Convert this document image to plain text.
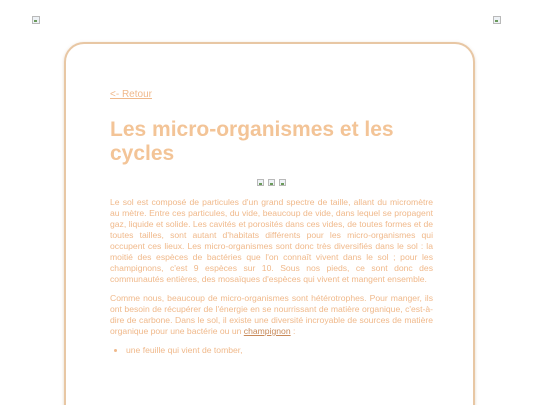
<- Retour
Les micro-organismes et les cycles

Le sol est composé de particules d'un grand spectre de taille, allant du micromètre au mètre. Entre ces particules, du vide, beaucoup de vide, dans lequel se propagent gaz, liquide et solide. Les cavités et porosités dans ces vides, de toutes formes et de toutes tailles, sont autant d'habitats différents pour les micro-organismes qui occupent ces lieux. Les micro-organismes sont donc très diversifiés dans le sol : la moitié des espèces de bactéries que l'on connaît vivent dans le sol ; pour les champignons, c'est 9 espèces sur 10. Sous nos pieds, ce sont donc des communautés entières, des mosaïques d'espèces qui vivent et mangent ensemble.

Comme nous, beaucoup de micro-organismes sont hétérotrophes. Pour manger, ils ont besoin de récupérer de l'énergie en se nourrissant de matière organique, c'est-à-dire de carbone. Dans le sol, il existe une diversité incroyable de sources de matière organique pour une bactérie ou un champignon :

• une feuille qui vient de tomber,
